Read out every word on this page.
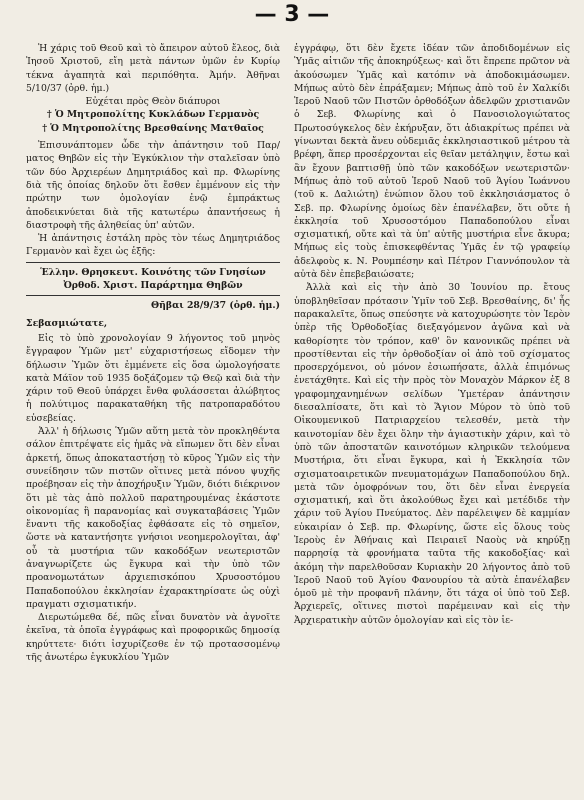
— 3 —

Ἡ χάρις τοῦ Θεοῦ καὶ τὸ ἄπειρον αὐτοῦ ἔλεος, διὰ Ἰησοῦ Χριστοῦ, εἴη μετὰ πάντων ὑμῶν ἐν Κυρίῳ τέκνα ἀγαπητὰ καὶ περιπόθητα. Ἀμήν. Ἀθῆναι 5/10/37 (ὀρθ. ἡμ.)

Εὐχέται πρὸς Θεὸν διάπυροι
† Ὁ Μητροπολίτης Κυκλάδων Γερμανὸς
† Ὁ Μητροπολίτης Βρεσθαίνης Ματθαῖος

Ἐπισυνάπτομεν ὧδε τὴν ἀπάντησιν τοῦ Παρ/ματος Θηβῶν εἰς τὴν Ἐγκύκλιον τὴν σταλεῖσαν ὑπὸ τῶν δύο Ἀρχιερέων Δημητριάδος καὶ πρ. Φλωρίνης διὰ τῆς ὁποίας δηλοῦν ὅτι ἔσθεν ἐμμένουν εἰς τὴν πρώτην των ὁμολογίαν ἐνῷ ἐμπράκτως ἀποδεικνύεται διὰ τῆς κατωτέρω ἀπαντήσεως ἡ διαστροφὴ τῆς ἀληθείας ὑπ' αὐτῶν.

Ἡ ἀπάντησις ἐστάλη πρὸς τὸν τέως Δημητριάδος Γερμανὸν καὶ ἔχει ὡς ἑξῆς:

Ἑλλην. Θρησκευτ. Κοινότης τῶν Γνησίων
Ὀρθοδ. Χριστ. Παράρτημα Θηβῶν
Θῆβαι 28/9/37 (ὀρθ. ἡμ.)
Σεβασμιώτατε,

Εἰς τὸ ὑπὸ χρονολογίαν 9 λήγοντος τοῦ μηνὸς ἔγγραφον Ὑμῶν μετ' εὐχαριστήσεως εἴδομεν τὴν δήλωσιν Ὑμῶν ὅτι ἐμμένετε εἰς ὅσα ὡμολογήσατε κατὰ Μάϊον τοῦ 1935 δοξάζομεν τῷ Θεῷ καὶ διὰ τὴν χάριν τοῦ Θεοῦ ὑπάρχει ἔνθα φυλάσσεται ἀλώβητος ἡ πολύτιμος παρακαταθήκη τῆς πατροπαραδότου εὐσεβείας.

Ἀλλ' ἡ δήλωσις Ὑμῶν αὕτη μετὰ τὸν προκληθέντα σάλον ἐπιτρέψατε εἰς ἡμᾶς νὰ εἴπωμεν ὅτι δὲν εἶναι ἀρκετή, ὅπως ἀποκαταστήσῃ τὸ κῦρος Ὑμῶν εἰς τὴν συνείδησιν τῶν πιστῶν οἵτινες μετὰ πόνου ψυχῆς προέβησαν εἰς τὴν ἀποχήρυξιν Ὑμῶν, διότι διέκρινον ὅτι μὲ τὰς ἀπὸ πολλοῦ παρατηρουμένας ἑκάστοτε οἰκονομίας ἢ παρανομίας καὶ συγκαταβάσεις Ὑμῶν ἔναντι τῆς κακοδοξίας ἐφθάσατε εἰς τὸ σημεῖον, ὥστε νὰ καταντήσητε γνήσιοι νεοημερολογῖται, ἀφ' οὗ τὰ μυστήρια τῶν κακοδόξων νεωτεριστῶν ἀναγνωρίζετε ὡς ἔγκυρα καὶ τὴν ὑπὸ τῶν προανομωτάτων ἀρχιεπισκόπου Χρυσοστόμου Παπαδοπούλου ἐκκλησίαν ἐχαρακτηρίσατε ὡς οὐχὶ πραγματι σχισματικήν.

Διερωτώμεθα δέ, πῶς εἶναι δυνατὸν νὰ ἀγνοῖτε ἐκεῖνα, τὰ ὁποῖα ἐγγράφως καὶ προφορικῶς δημοσίᾳ κηρύττετε· διότι ἰσχυρίζεσθε ἐν τῷ προτασσομένῳ τῆς ἀνωτέρω ἐγκυκλίου Ὑμῶν

ἐγγράφῳ, ὅτι δὲν ἔχετε ἰδέαν τῶν ἀποδιδομένων εἰς Ὑμᾶς αἰτιῶν τῆς ἀποκηρύξεως· καὶ ὅτι ἔπρεπε πρῶτον νὰ ἀκούσωμεν Ὑμᾶς καὶ κατόπιν νὰ ἀποδοκιμάσωμεν. Μήπως αὐτὸ δὲν ἐπράξαμεν; Μήπως ἀπὸ τοῦ ἐν Χαλκίδι Ἱεροῦ Ναοῦ τῶν Πιστῶν ὀρθοδόξων ἀδελφῶν χριστιανῶν ὁ Σεβ. Φλωρίνης καὶ ὁ Πανοσιολογιώτατος Πρωτοσύγκελος δὲν ἐκήρυξαν, ὅτι ἀδιακρίτως πρέπει νὰ γίνωνται δεκτὰ ἄνευ οὐδεμιᾶς ἐκκλησιαστικοῦ μέτρου τὰ βρέφη, ἅπερ προσέρχονται εἰς θεῖαν μετάληψιν, ἔστω καὶ ἂν ἔχουν βαπτισθῇ ὑπὸ τῶν κακοδόξων νεωτεριστῶν· Μήπως ἀπὸ τοῦ αὐτοῦ Ἱεροῦ Ναοῦ τοῦ Ἁγίου Ἰωάννου (τοῦ κ. Δαλιώτη) ἐνώπιον ὅλου τοῦ ἐκκλησιάσματος ὁ Σεβ. πρ. Φλωρίνης ὁμοίως δὲν ἐπανέλαβεν, ὅτι οὔτε ἡ ἐκκλησία τοῦ Χρυσοστόμου Παπαδοπούλου εἶναι σχισματική, οὔτε καὶ τὰ ὑπ' αὐτῆς μυστήρια εἶνε ἄκυρα; Μήπως εἰς τοὺς ἐπισκεφθέντας Ὑμᾶς ἐν τῷ γραφείῳ ἀδελφοὺς κ. Ν. Ρουμπέσην καὶ Πέτρον Γιαννόπουλον τὰ αὐτὰ δὲν ἐπεβεβαιώσατε;

Ἀλλὰ καὶ εἰς τὴν ἀπὸ 30 Ἰουνίου πρ. ἔτους ὑποβληθεῖσαν πρότασιν Ὑμῖν τοῦ Σεβ. Βρεσθαίνης, δι' ἧς παρακαλεῖτε, ὅπως σπεύσητε νὰ κατοχυρώσητε τὸν Ἱερὸν ὑπὲρ τῆς Ὀρθοδοξίας διεξαγόμενον ἀγῶνα καὶ νὰ καθορίσητε τὸν τρόπον, καθ' ὃν κανονικῶς πρέπει νὰ προστίθενται εἰς τὴν ὀρθοδοξίαν οἱ ἀπὸ τοῦ σχίσματος προσερχόμενοι, οὐ μόνον ἐσιωπήσατε, ἀλλὰ ἐπιμόνως ἐνετάχθητε. Καὶ εἰς τὴν πρὸς τὸν Μοναχὸν Μάρκον ἐξ 8 γραφομηχανημένων σελίδων Ὑμετέραν ἀπάντησιν διεσαλπίσατε, ὅτι καὶ τὸ Ἅγιον Μύρον τὸ ὑπὸ τοῦ Οἰκουμενικοῦ Πατριαρχείου τελεσθέν, μετὰ τὴν καινοτομίαν δὲν ἔχει ὅλην τὴν ἁγιαστικὴν χάριν, καὶ τὸ ὑπὸ τῶν ἀποστατῶν καινοτόμων κληρικῶν τελούμενα Μυστήρια, ὅτι εἶναι ἔγκυρα, καὶ ἡ Ἐκκλησία τῶν σχισματοαιρετικῶν πνευματομάχων Παπαδοπούλου δηλ. μετὰ τῶν ὁμοφρόνων του, ὅτι δὲν εἶναι ἐνεργεία σχισματική, καὶ ὅτι ἀκολούθως ἔχει καὶ μετέδιδε τὴν χάριν τοῦ Ἁγίου Πνεύματος. Δὲν παρέλειψεν δὲ καμμίαν εὐκαιρίαν ὁ Σεβ. πρ. Φλωρίνης, ὥστε εἰς ὅλους τοὺς Ἱεροὺς ἐν Ἀθήναις καὶ Πειραιεῖ Ναοὺς νὰ κηρύξῃ παρρησίᾳ τὰ φρονήματα ταῦτα τῆς κακοδοξίας· καὶ ἀκόμη τὴν παρελθοῦσαν Κυριακὴν 20 λήγοντος ἀπὸ τοῦ Ἱεροῦ Ναοῦ τοῦ Ἁγίου Φανουρίου τὰ αὐτὰ ἐπανέλαβεν ὁμοῦ μὲ τὴν προφανῆ πλάνην, ὅτι τάχα οἱ ὑπὸ τοῦ Σεβ. Ἀρχιερεῖς, οἵτινες πιστοὶ παρέμειναν καὶ εἰς τὴν Ἀρχιερατικὴν αὐτῶν ὁμολογίαν καὶ εἰς τὸν ἱε-
